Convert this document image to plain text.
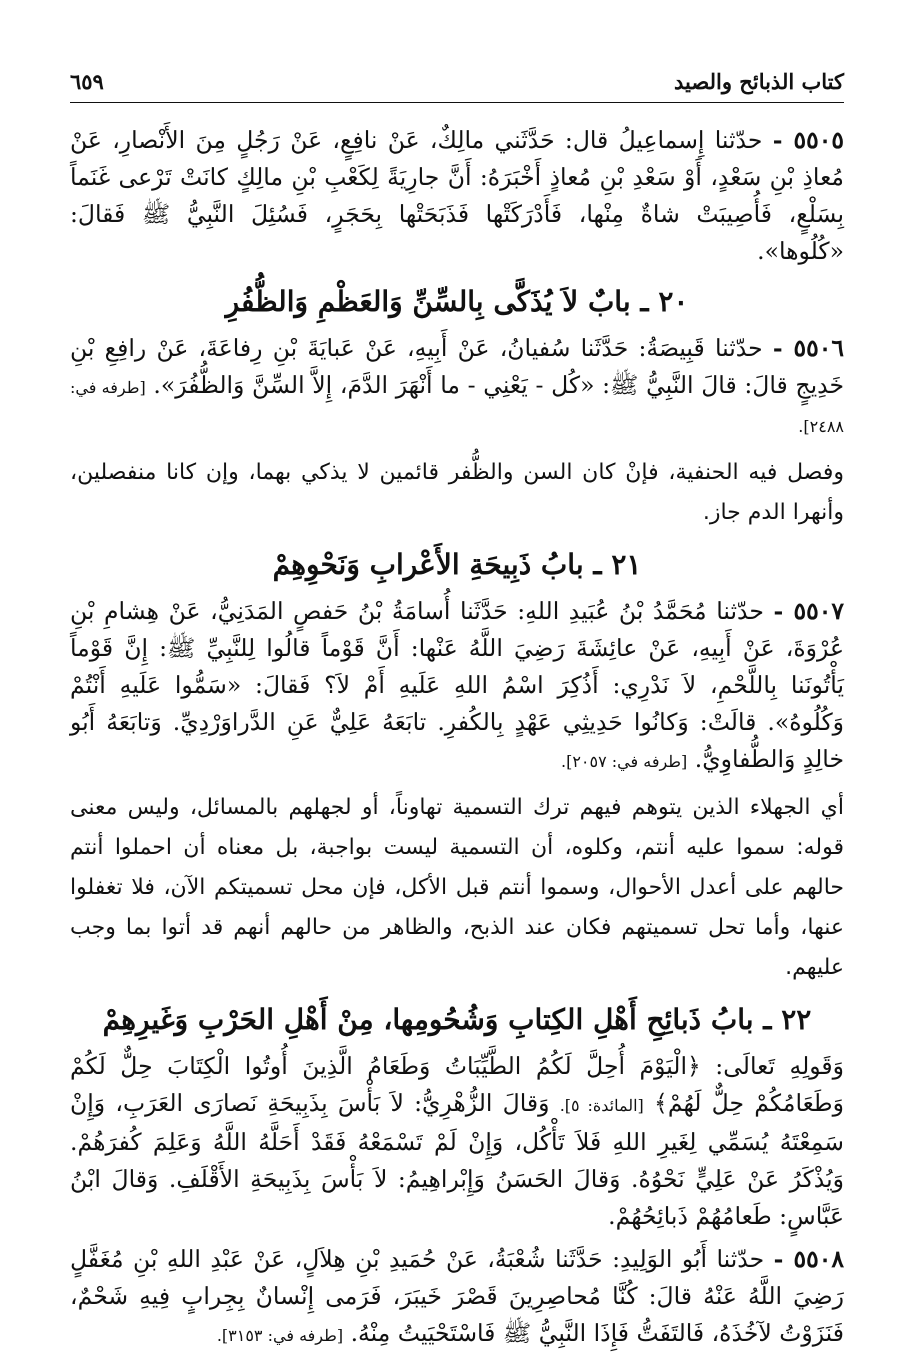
كتاب الذبائح والصيد
٦٥٩

٥٥٠٥ - حدّثنا إِسماعِيلُ قال: حَدَّثَني مالِكٌ، عَنْ نافِعٍ، عَنْ رَجُلٍ مِنَ الأَنْصارِ، عَنْ مُعاذِ بْنِ سَعْدٍ، أَوْ سَعْدِ بْنِ مُعاذٍ أَخْبَرَهُ: أَنَّ جارِيَةً لِكَعْبِ بْنِ مالِكٍ كانَتْ تَرْعى غَنَماً بِسَلْعٍ، فَأُصِيبَتْ شاةٌ مِنْها، فَأَدْرَكَتْها فَذَبَحَتْها بِحَجَرٍ، فَسُئِلَ النَّبِيُّ ﷺ فَقالَ: «كُلُوها».

٢٠ ـ بابٌ لاَ يُذَكَّى بِالسِّنِّ وَالعَظْمِ وَالظُّفُرِ

٥٥٠٦ - حدّثنا قَبِيصَةُ: حَدَّثَنا سُفيانُ، عَنْ أَبِيهِ، عَنْ عَبايَةَ بْنِ رِفاعَةَ، عَنْ رافِعِ بْنِ خَدِيجٍ قالَ: قالَ النَّبِيُّ ﷺ: «كُل - يَعْنِي - ما أَنْهَرَ الدَّمَ، إِلاَّ السِّنَّ وَالظُّفُرَ». [طرفه في: ٢٤٨٨].

وفصل فيه الحنفية، فإنْ كان السن والظُّفر قائمين لا يذكي بهما، وإن كانا منفصلين، وأنهرا الدم جاز.

٢١ ـ بابُ ذَبِيحَةِ الأَعْرابِ وَنَحْوِهِمْ

٥٥٠٧ - حدّثنا مُحَمَّدُ بْنُ عُبَيدِ اللهِ: حَدَّثَنا أُسامَةُ بْنُ حَفصٍ المَدَنِيُّ، عَنْ هِشامِ بْنِ عُرْوَةَ، عَنْ أَبِيهِ، عَنْ عائِشَةَ رَضِيَ اللَّهُ عَنْها: أَنَّ قَوْماً قالُوا لِلنَّبِيِّ ﷺ: إِنَّ قَوْماً يَأْتُونَنا بِاللَّحْمِ، لاَ نَدْرِي: أَذُكِرَ اسْمُ اللهِ عَلَيهِ أَمْ لاَ؟ فَقالَ: «سَمُّوا عَلَيهِ أَنْتُمْ وَكُلُوهُ». قالَتْ: وَكانُوا حَدِيثِي عَهْدٍ بِالكُفرِ. تابَعَهُ عَلِيٌّ عَنِ الدَّراوَرْدِيِّ. وَتابَعَهُ أَبُو خالِدٍ وَالطُّفاوِيُّ. [طرفه في: ٢٠٥٧].

أي الجهلاء الذين يتوهم فيهم ترك التسمية تهاوناً، أو لجهلهم بالمسائل، وليس معنى قوله: سموا عليه أنتم، وكلوه، أن التسمية ليست بواجبة، بل معناه أن احملوا أنتم حالهم على أعدل الأحوال، وسموا أنتم قبل الأكل، فإن محل تسميتكم الآن، فلا تغفلوا عنها، وأما تحل تسميتهم فكان عند الذبح، والظاهر من حالهم أنهم قد أتوا بما وجب عليهم.

٢٢ ـ بابُ ذَبائِحِ أَهْلِ الكِتابِ وَشُحُومِها، مِنْ أَهْلِ الحَرْبِ وَغَيرِهِمْ

وَقَولِهِ تَعالَى: ﴿الْيَوْمَ أُحِلَّ لَكُمُ الطَّيِّبَاتُ وَطَعَامُ الَّذِينَ أُوتُوا الْكِتَابَ حِلٌّ لَكُمْ وَطَعَامُكُمْ حِلٌّ لَهُمْ﴾ [المائدة: ٥]. وَقالَ الزُّهْرِيُّ: لاَ بَأْسَ بِذَبِيحَةِ نَصارَى العَرَبِ، وَإِنْ سَمِعْتَهُ يُسَمِّي لِغَيرِ اللهِ فَلاَ تَأْكُل، وَإِنْ لَمْ تَسْمَعْهُ فَقَدْ أَحَلَّهُ اللَّهُ وَعَلِمَ كُفرَهُمْ. وَيُذْكَرُ عَنْ عَلِيٍّ نَحْوُهُ. وَقالَ الحَسَنُ وَإِبْراهِيمُ: لاَ بَأْسَ بِذَبِيحَةِ الأَقْلَفِ. وَقالَ ابْنُ عَبَّاسٍ: طَعامُهُمْ ذَبائِحُهُمْ.

٥٥٠٨ - حدّثنا أَبُو الوَلِيدِ: حَدَّثَنا شُعْبَةُ، عَنْ حُمَيدِ بْنِ هِلاَلٍ، عَنْ عَبْدِ اللهِ بْنِ مُغَفَّلٍ رَضِيَ اللَّهُ عَنْهُ قالَ: كُنَّا مُحاصِرِينَ قَصْرَ خَيبَرَ، فَرَمى إِنْسانٌ بِجِرابٍ فِيهِ شَحْمٌ، فَنَزَوْتُ لآخُذَهُ، فَالتَفَتُّ فَإِذَا النَّبِيُّ ﷺ فَاسْتَحْيَيتُ مِنْهُ. [طرفه في: ٣١٥٣].
